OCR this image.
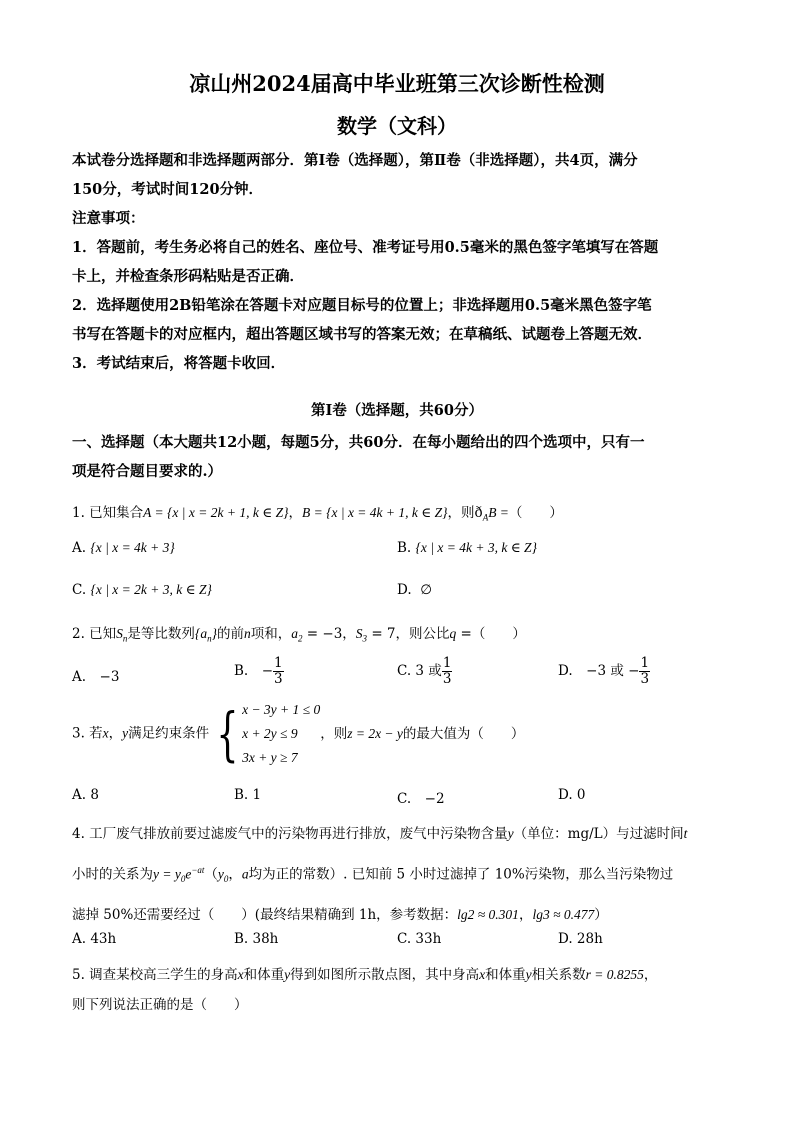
凉山州2024届高中毕业班第三次诊断性检测
数学（文科）

本试卷分选择题和非选择题两部分．第Ⅰ卷（选择题），第Ⅱ卷（非选择题），共4页，满分

150分，考试时间120分钟．

注意事项：

1．答题前，考生务必将自己的姓名、座位号、准考证号用0.5毫米的黑色签字笔填写在答题

卡上，并检查条形码粘贴是否正确．

2．选择题使用2B铅笔涂在答题卡对应题目标号的位置上；非选择题用0.5毫米黑色签字笔

书写在答题卡的对应框内，超出答题区域书写的答案无效；在草稿纸、试题卷上答题无效．

3．考试结束后，将答题卡收回．

第Ⅰ卷（选择题，共60分）

一、选择题（本大题共12小题，每题5分，共60分．在每小题给出的四个选项中，只有一

项是符合题目要求的.）

1. 已知集合A = {x | x = 2k + 1, k ∈ Z}，B = {x | x = 4k + 1, k ∈ Z}，则$ð_AB$ =（　　）
A. {x | x = 4k + 3}	B. {x | x = 4k + 3, k ∈ Z}
C. {x | x = 2k + 3, k ∈ Z}	D. ∅
2. 已知$S_n$是等比数列$\{a_n\}$的前n项和，$a_2 = -3$，$S_3 = 7$，则公比q =（　　）
A.　−3	B.　− $\frac{1}{3}$	C. 3 或 $\frac{1}{3}$	D.　−3 或 − $\frac{1}{3}$
3. 若x，y满足约束条件 { x − 3y + 1 ≤ 0
x + 2y ≤ 9
3x + y ≥ 7
，则z = 2x − y的最大值为（　　）
A. 8	B. 1	C.　−2	D. 0
4. 工厂废气排放前要过滤废气中的污染物再进行排放，废气中污染物含量y（单位：mg/L）与过滤时间t
小时的关系为$y = y_0e^{-at}(y_0$，a均为正的常数）. 已知前 5 小时过滤掉了 10%污染物，那么当污染物过
滤掉 50%还需要经过（　　）(最终结果精确到 1h，参考数据：lg2 ≈ 0.301，lg3 ≈ 0.477）
A. 43h	B. 38h	C. 33h	D. 28h
5. 调查某校高三学生的身高x和体重y得到如图所示散点图，其中身高x和体重y相关系数r = 0.8255，
则下列说法正确的是（　　）
